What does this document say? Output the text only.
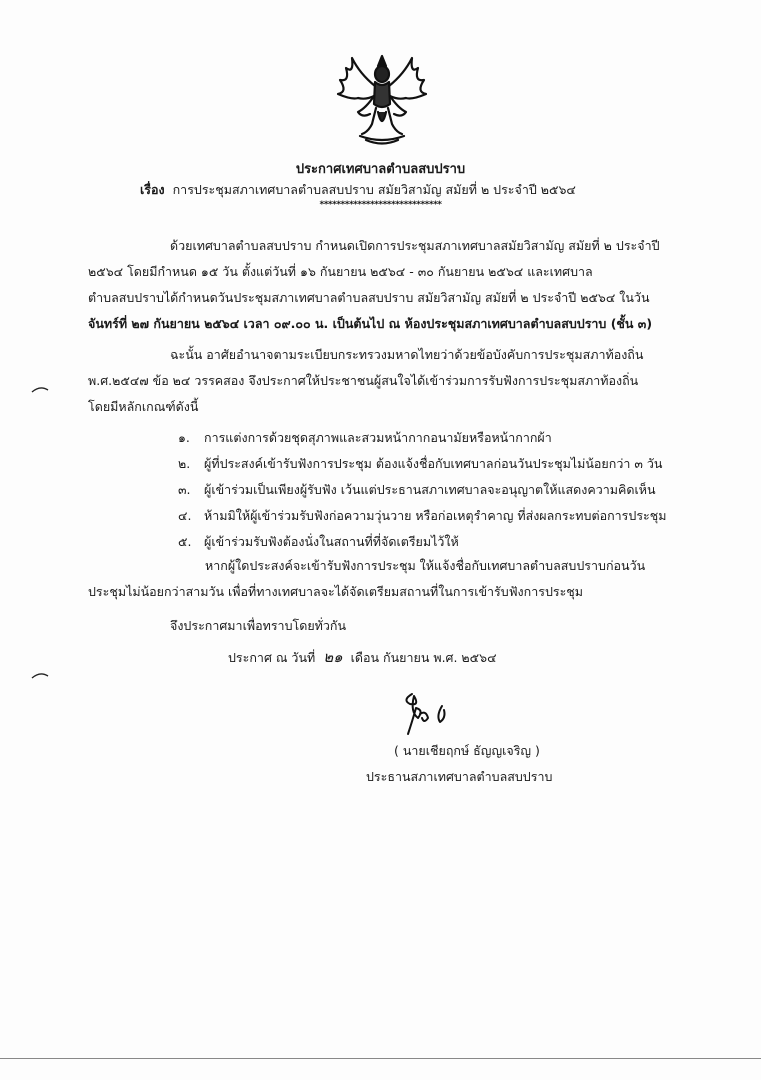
ประกาศเทศบาลตำบลสบปราบ
เรื่อง การประชุมสภาเทศบาลตำบลสบปราบ สมัยวิสามัญ สมัยที่ ๒ ประจำปี ๒๕๖๔
*****************************
ด้วยเทศบาลตำบลสบปราบ กำหนดเปิดการประชุมสภาเทศบาลสมัยวิสามัญ สมัยที่ ๒ ประจำปี
๒๕๖๔ โดยมีกำหนด ๑๕ วัน ตั้งแต่วันที่ ๑๖ กันยายน ๒๕๖๔ - ๓๐ กันยายน ๒๕๖๔ และเทศบาล
ตำบลสบปราบได้กำหนดวันประชุมสภาเทศบาลตำบลสบปราบ สมัยวิสามัญ สมัยที่ ๒ ประจำปี ๒๕๖๔ ในวัน
จันทร์ที่ ๒๗ กันยายน ๒๕๖๔ เวลา ๐๙.๐๐ น. เป็นต้นไป ณ ห้องประชุมสภาเทศบาลตำบลสบปราบ (ชั้น ๓)
ฉะนั้น อาศัยอำนาจตามระเบียบกระทรวงมหาดไทยว่าด้วยข้อบังคับการประชุมสภาท้องถิ่น
พ.ศ.๒๕๔๗ ข้อ ๒๔ วรรคสอง จึงประกาศให้ประชาชนผู้สนใจได้เข้าร่วมการรับฟังการประชุมสภาท้องถิ่น
โดยมีหลักเกณฑ์ดังนี้
๑. การแต่งการด้วยชุดสุภาพและสวมหน้ากากอนามัยหรือหน้ากากผ้า
๒. ผู้ที่ประสงค์เข้ารับฟังการประชุม ต้องแจ้งชื่อกับเทศบาลก่อนวันประชุมไม่น้อยกว่า ๓ วัน
๓. ผู้เข้าร่วมเป็นเพียงผู้รับฟัง เว้นแต่ประธานสภาเทศบาลจะอนุญาตให้แสดงความคิดเห็น
๔. ห้ามมิให้ผู้เข้าร่วมรับฟังก่อความวุ่นวาย หรือก่อเหตุรำคาญ ที่ส่งผลกระทบต่อการประชุม
๕. ผู้เข้าร่วมรับฟังต้องนั่งในสถานที่ที่จัดเตรียมไว้ให้
หากผู้ใดประสงค์จะเข้ารับฟังการประชุม ให้แจ้งชื่อกับเทศบาลตำบลสบปราบก่อนวัน
ประชุมไม่น้อยกว่าสามวัน เพื่อที่ทางเทศบาลจะได้จัดเตรียมสถานที่ในการเข้ารับฟังการประชุม
จึงประกาศมาเพื่อทราบโดยทั่วกัน
ประกาศ ณ วันที่ ๒๑ เดือน กันยายน พ.ศ. ๒๕๖๔
( นายเชียฤกษ์ ธัญญเจริญ )
ประธานสภาเทศบาลตำบลสบปราบ
